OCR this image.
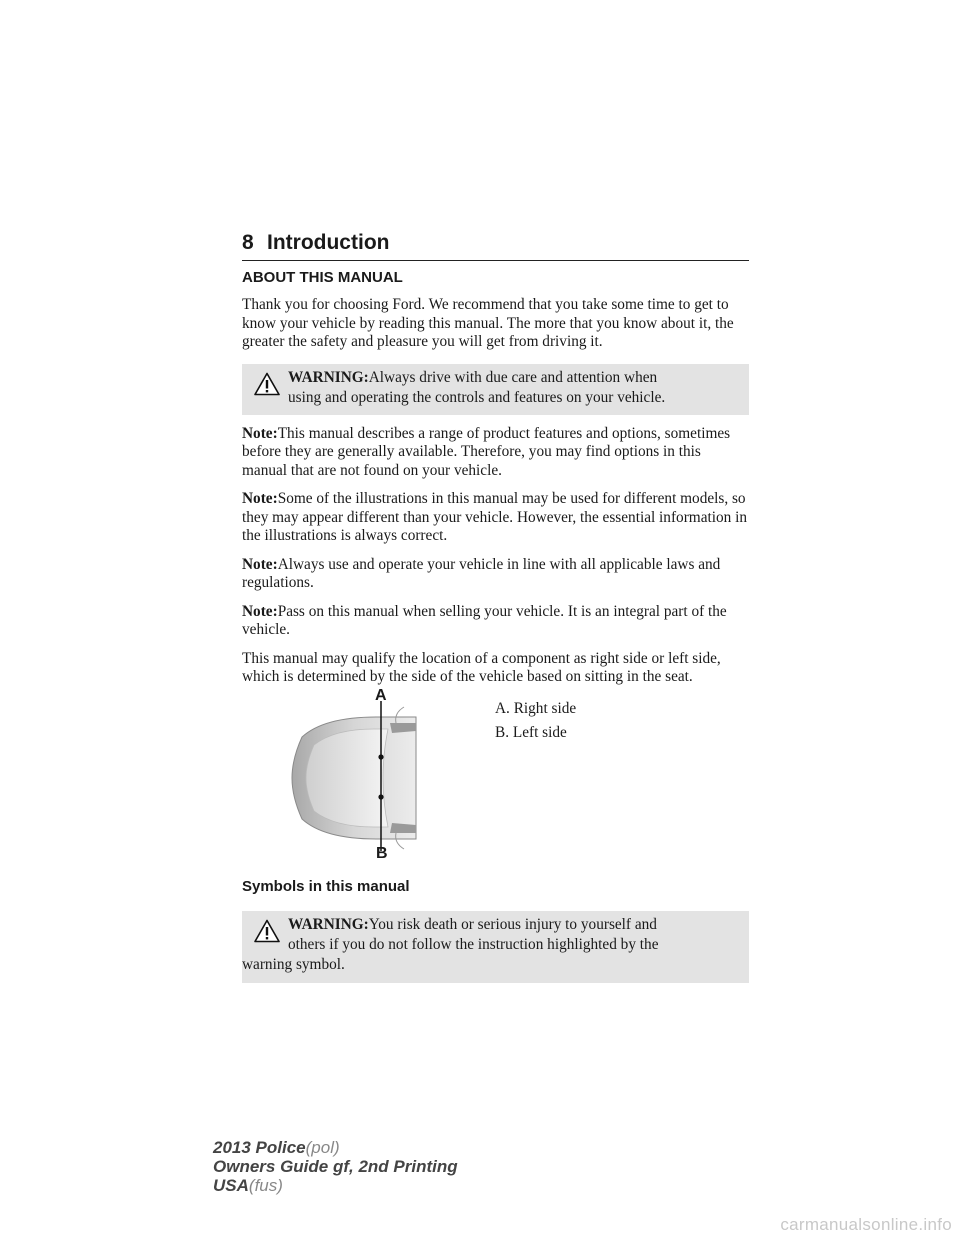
8 Introduction
ABOUT THIS MANUAL

Thank you for choosing Ford. We recommend that you take some time to get to know your vehicle by reading this manual. The more that you know about it, the greater the safety and pleasure you will get from driving it.

WARNING:Always drive with due care and attention when

using and operating the controls and features on your vehicle.

Note:This manual describes a range of product features and options, sometimes before they are generally available. Therefore, you may find options in this manual that are not found on your vehicle.

Note:Some of the illustrations in this manual may be used for different models, so they may appear different than your vehicle. However, the essential information in the illustrations is always correct.

Note:Always use and operate your vehicle in line with all applicable laws and regulations.

Note:Pass on this manual when selling your vehicle. It is an integral part of the vehicle.

This manual may qualify the location of a component as right side or left side, which is determined by the side of the vehicle based on sitting in the seat.

A
B

A. Right side

B. Left side

Symbols in this manual

WARNING:You risk death or serious injury to yourself and

others if you do not follow the instruction highlighted by the

warning symbol.

2013 Police(pol)
Owners Guide gf, 2nd Printing
USA(fus)
carmanualsonline.info
